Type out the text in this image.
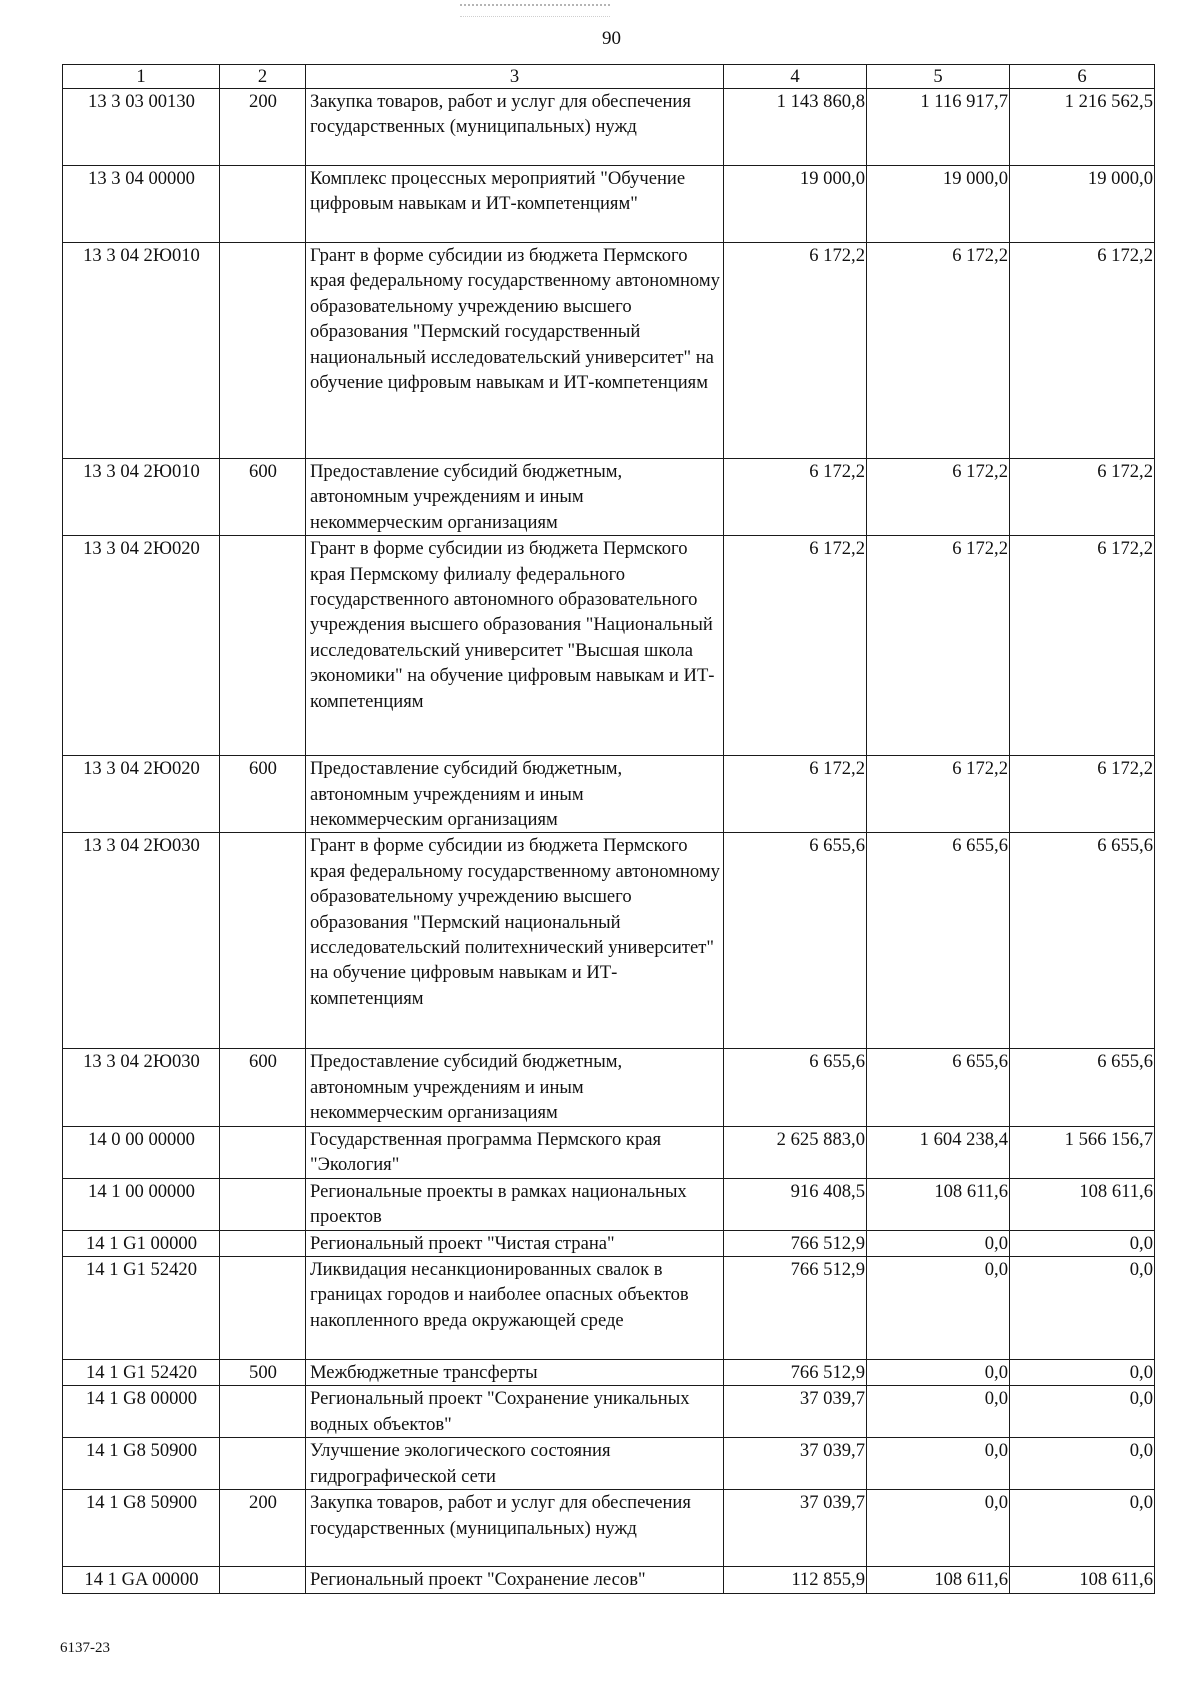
90
1	2	3	4	5	6
13 3 03 00130	200	Закупка товаров, работ и услуг для обеспечения государственных (муниципальных) нужд	1 143 860,8	1 116 917,7	1 216 562,5
13 3 04 00000		Комплекс процессных мероприятий "Обучение цифровым навыкам и ИТ-компетенциям"	19 000,0	19 000,0	19 000,0
13 3 04 2Ю010		Грант в форме субсидии из бюджета Пермского края федеральному государственному автономному образовательному учреждению высшего образования "Пермский государственный национальный исследовательский университет" на обучение цифровым навыкам и ИТ-компетенциям	6 172,2	6 172,2	6 172,2
13 3 04 2Ю010	600	Предоставление субсидий бюджетным, автономным учреждениям и иным некоммерческим организациям	6 172,2	6 172,2	6 172,2
13 3 04 2Ю020		Грант в форме субсидии из бюджета Пермского края Пермскому филиалу федерального государственного автономного образовательного учреждения высшего образования "Национальный исследовательский университет "Высшая школа экономики" на обучение цифровым навыкам и ИТ-компетенциям	6 172,2	6 172,2	6 172,2
13 3 04 2Ю020	600	Предоставление субсидий бюджетным, автономным учреждениям и иным некоммерческим организациям	6 172,2	6 172,2	6 172,2
13 3 04 2Ю030		Грант в форме субсидии из бюджета Пермского края федеральному государственному автономному образовательному учреждению высшего образования "Пермский национальный исследовательский политехнический университет" на обучение цифровым навыкам и ИТ-компетенциям	6 655,6	6 655,6	6 655,6
13 3 04 2Ю030	600	Предоставление субсидий бюджетным, автономным учреждениям и иным некоммерческим организациям	6 655,6	6 655,6	6 655,6
14 0 00 00000		Государственная программа Пермского края "Экология"	2 625 883,0	1 604 238,4	1 566 156,7
14 1 00 00000		Региональные проекты в рамках национальных проектов	916 408,5	108 611,6	108 611,6
14 1 G1 00000		Региональный проект "Чистая страна"	766 512,9	0,0	0,0
14 1 G1 52420		Ликвидация несанкционированных свалок в границах городов и наиболее опасных объектов накопленного вреда окружающей среде	766 512,9	0,0	0,0
14 1 G1 52420	500	Межбюджетные трансферты	766 512,9	0,0	0,0
14 1 G8 00000		Региональный проект "Сохранение уникальных водных объектов"	37 039,7	0,0	0,0
14 1 G8 50900		Улучшение экологического состояния гидрографической сети	37 039,7	0,0	0,0
14 1 G8 50900	200	Закупка товаров, работ и услуг для обеспечения государственных (муниципальных) нужд	37 039,7	0,0	0,0
14 1 GA 00000		Региональный проект "Сохранение лесов"	112 855,9	108 611,6	108 611,6
6137-23
